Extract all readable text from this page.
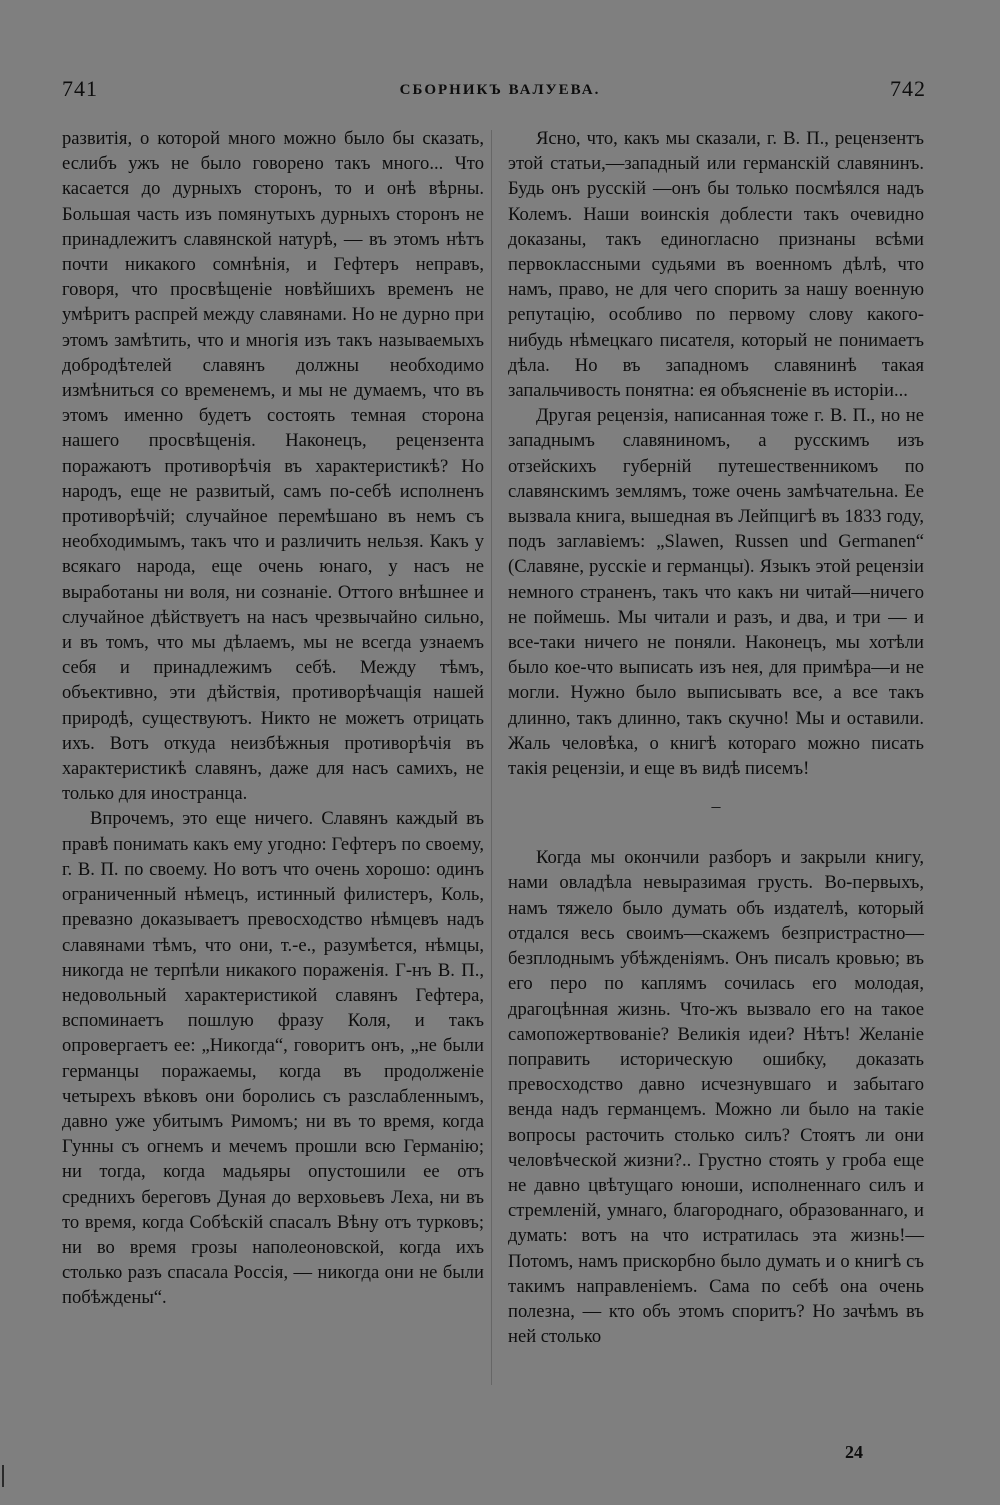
741	СБОРНИКЪ ВАЛУЕВА.	742

развитія, о которой много можно было бы сказать, еслибъ ужъ не было говорено такъ много... Что касается до дурныхъ сторонъ, то и онѣ вѣрны. Большая часть изъ помянутыхъ дурныхъ сторонъ не принадлежитъ славянской натурѣ, — въ этомъ нѣтъ почти никакого сомнѣнія, и Гефтеръ неправъ, говоря, что просвѣщеніе новѣйшихъ временъ не умѣритъ распрей между славянами. Но не дурно при этомъ замѣтить, что и многія изъ такъ называемыхъ добродѣтелей славянъ должны необходимо измѣниться со временемъ, и мы не думаемъ, что въ этомъ именно будетъ состоять темная сторона нашего просвѣщенія. Наконецъ, рецензента поражаютъ противорѣчія въ характеристикѣ? Но народъ, еще не развитый, самъ по-себѣ исполненъ противорѣчій; случайное перемѣшано въ немъ съ необходимымъ, такъ что и различить нельзя. Какъ у всякаго народа, еще очень юнаго, у насъ не выработаны ни воля, ни сознаніе. Оттого внѣшнее и случайное дѣйствуетъ на насъ чрезвычайно сильно, и въ томъ, что мы дѣлаемъ, мы не всегда узнаемъ себя и принадлежимъ себѣ. Между тѣмъ, объективно, эти дѣйствія, противорѣчащія нашей природѣ, существуютъ. Никто не можетъ отрицать ихъ. Вотъ откуда неизбѣжныя противорѣчія въ характеристикѣ славянъ, даже для насъ самихъ, не только для иностранца.

Впрочемъ, это еще ничего. Славянъ каждый въ правѣ понимать какъ ему угодно: Гефтеръ по своему, г. В. П. по своему. Но вотъ что очень хорошо: одинъ ограниченный нѣмецъ, истинный филистеръ, Коль, превазно доказываетъ превосходство нѣмцевъ надъ славянами тѣмъ, что они, т.-е., разумѣется, нѣмцы, никогда не терпѣли никакого пораженія. Г-нъ В. П., недовольный характеристикой славянъ Гефтера, вспоминаетъ пошлую фразу Коля, и такъ опровергаетъ ее: „Никогда“, говоритъ онъ, „не были германцы поражаемы, когда въ продолженіе четырехъ вѣковъ они боролись съ разслабленнымъ, давно уже убитымъ Римомъ; ни въ то время, когда Гунны съ огнемъ и мечемъ прошли всю Германію; ни тогда, когда мадьяры опустошили ее отъ среднихъ береговъ Дуная до верховьевъ Леха, ни въ то время, когда Собѣскій спасалъ Вѣну отъ турковъ; ни во время грозы наполеоновской, когда ихъ столько разъ спасала Россія, — никогда они не были побѣждены“.

Ясно, что, какъ мы сказали, г. В. П., рецензентъ этой статьи,—западный или германскій славянинъ. Будь онъ русскій —онъ бы только посмѣялся надъ Колемъ. Наши воинскія доблести такъ очевидно доказаны, такъ единогласно признаны всѣми первоклассными судьями въ военномъ дѣлѣ, что намъ, право, не для чего спорить за нашу военную репутацію, особливо по первому слову какого-нибудь нѣмецкаго писателя, который не понимаетъ дѣла. Но въ западномъ славянинѣ такая запальчивость понятна: ея объясненіе въ исторіи...

Другая рецензія, написанная тоже г. В. П., но не западнымъ славяниномъ, а русскимъ изъ отзейскихъ губерній путешественникомъ по славянскимъ землямъ, тоже очень замѣчательна. Ее вызвала книга, вышедная въ Лейпцигѣ въ 1833 году, подъ заглавіемъ: „Slawen, Russen und Germanen“ (Славяне, русскіе и германцы). Языкъ этой рецензіи немного страненъ, такъ что какъ ни читай—ничего не поймешь. Мы читали и разъ, и два, и три — и все-таки ничего не поняли. Наконецъ, мы хотѣли было кое-что выписать изъ нея, для примѣра—и не могли. Нужно было выписывать все, а все такъ длинно, такъ длинно, такъ скучно! Мы и оставили. Жаль человѣка, о книгѣ котораго можно писать такія рецензіи, и еще въ видѣ писемъ!

–

Когда мы окончили разборъ и закрыли книгу, нами овладѣла невыразимая грусть. Во-первыхъ, намъ тяжело было думать объ издателѣ, который отдался весь своимъ—скажемъ безпристрастно—безплоднымъ убѣжденіямъ. Онъ писалъ кровью; въ его перо по каплямъ сочилась его молодая, драгоцѣнная жизнь. Что-жъ вызвало его на такое самопожертвованіе? Великія идеи? Нѣтъ! Желаніе поправить историческую ошибку, доказать превосходство давно исчезнувшаго и забытаго венда надъ германцемъ. Можно ли было на такіе вопросы расточить столько силъ? Стоятъ ли они человѣческой жизни?.. Грустно стоять у гроба еще не давно цвѣтущаго юноши, исполненнаго силъ и стремленій, умнаго, благороднаго, образованнаго, и думать: вотъ на что истратилась эта жизнь!—Потомъ, намъ прискорбно было думать и о книгѣ съ такимъ направленіемъ. Сама по себѣ она очень полезна, — кто объ этомъ споритъ? Но зачѣмъ въ ней столько

24
